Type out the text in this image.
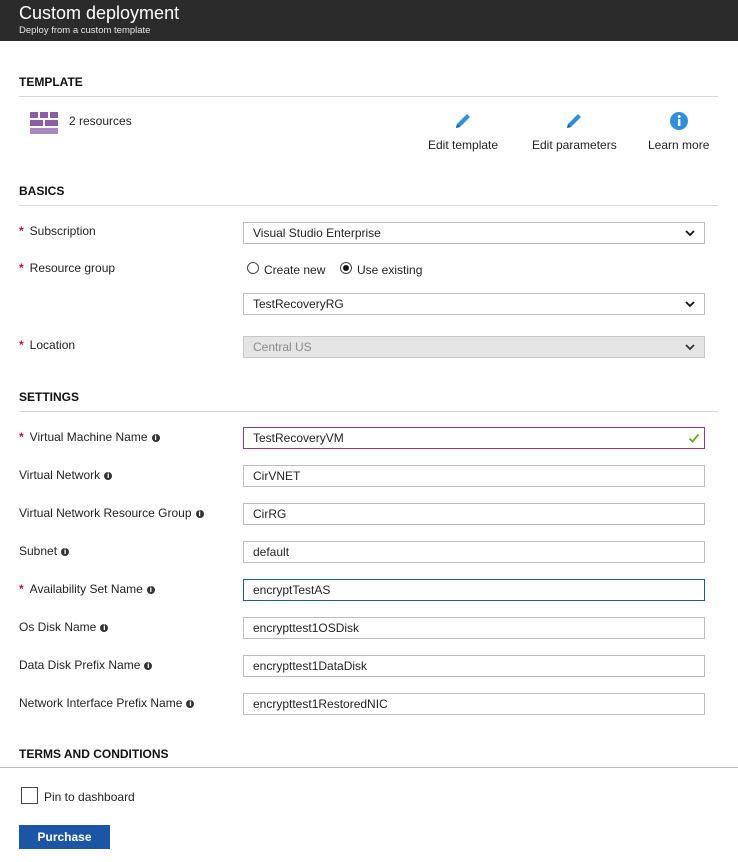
Custom deployment
Deploy from a custom template
TEMPLATE
2 resources
Edit template	Edit parameters	Learn more
BASICS
* Subscription	Visual Studio Enterprise
* Resource group	Create new	Use existing
TestRecoveryRG
* Location	Central US
SETTINGS
* Virtual Machine Name i	TestRecoveryVM
Virtual Network i	CirVNET
Virtual Network Resource Group i	CirRG
Subnet i	default
* Availability Set Name i	encryptTestAS
Os Disk Name i	encrypttest1OSDisk
Data Disk Prefix Name i	encrypttest1DataDisk
Network Interface Prefix Name i	encrypttest1RestoredNIC
TERMS AND CONDITIONS
Pin to dashboard
Purchase
